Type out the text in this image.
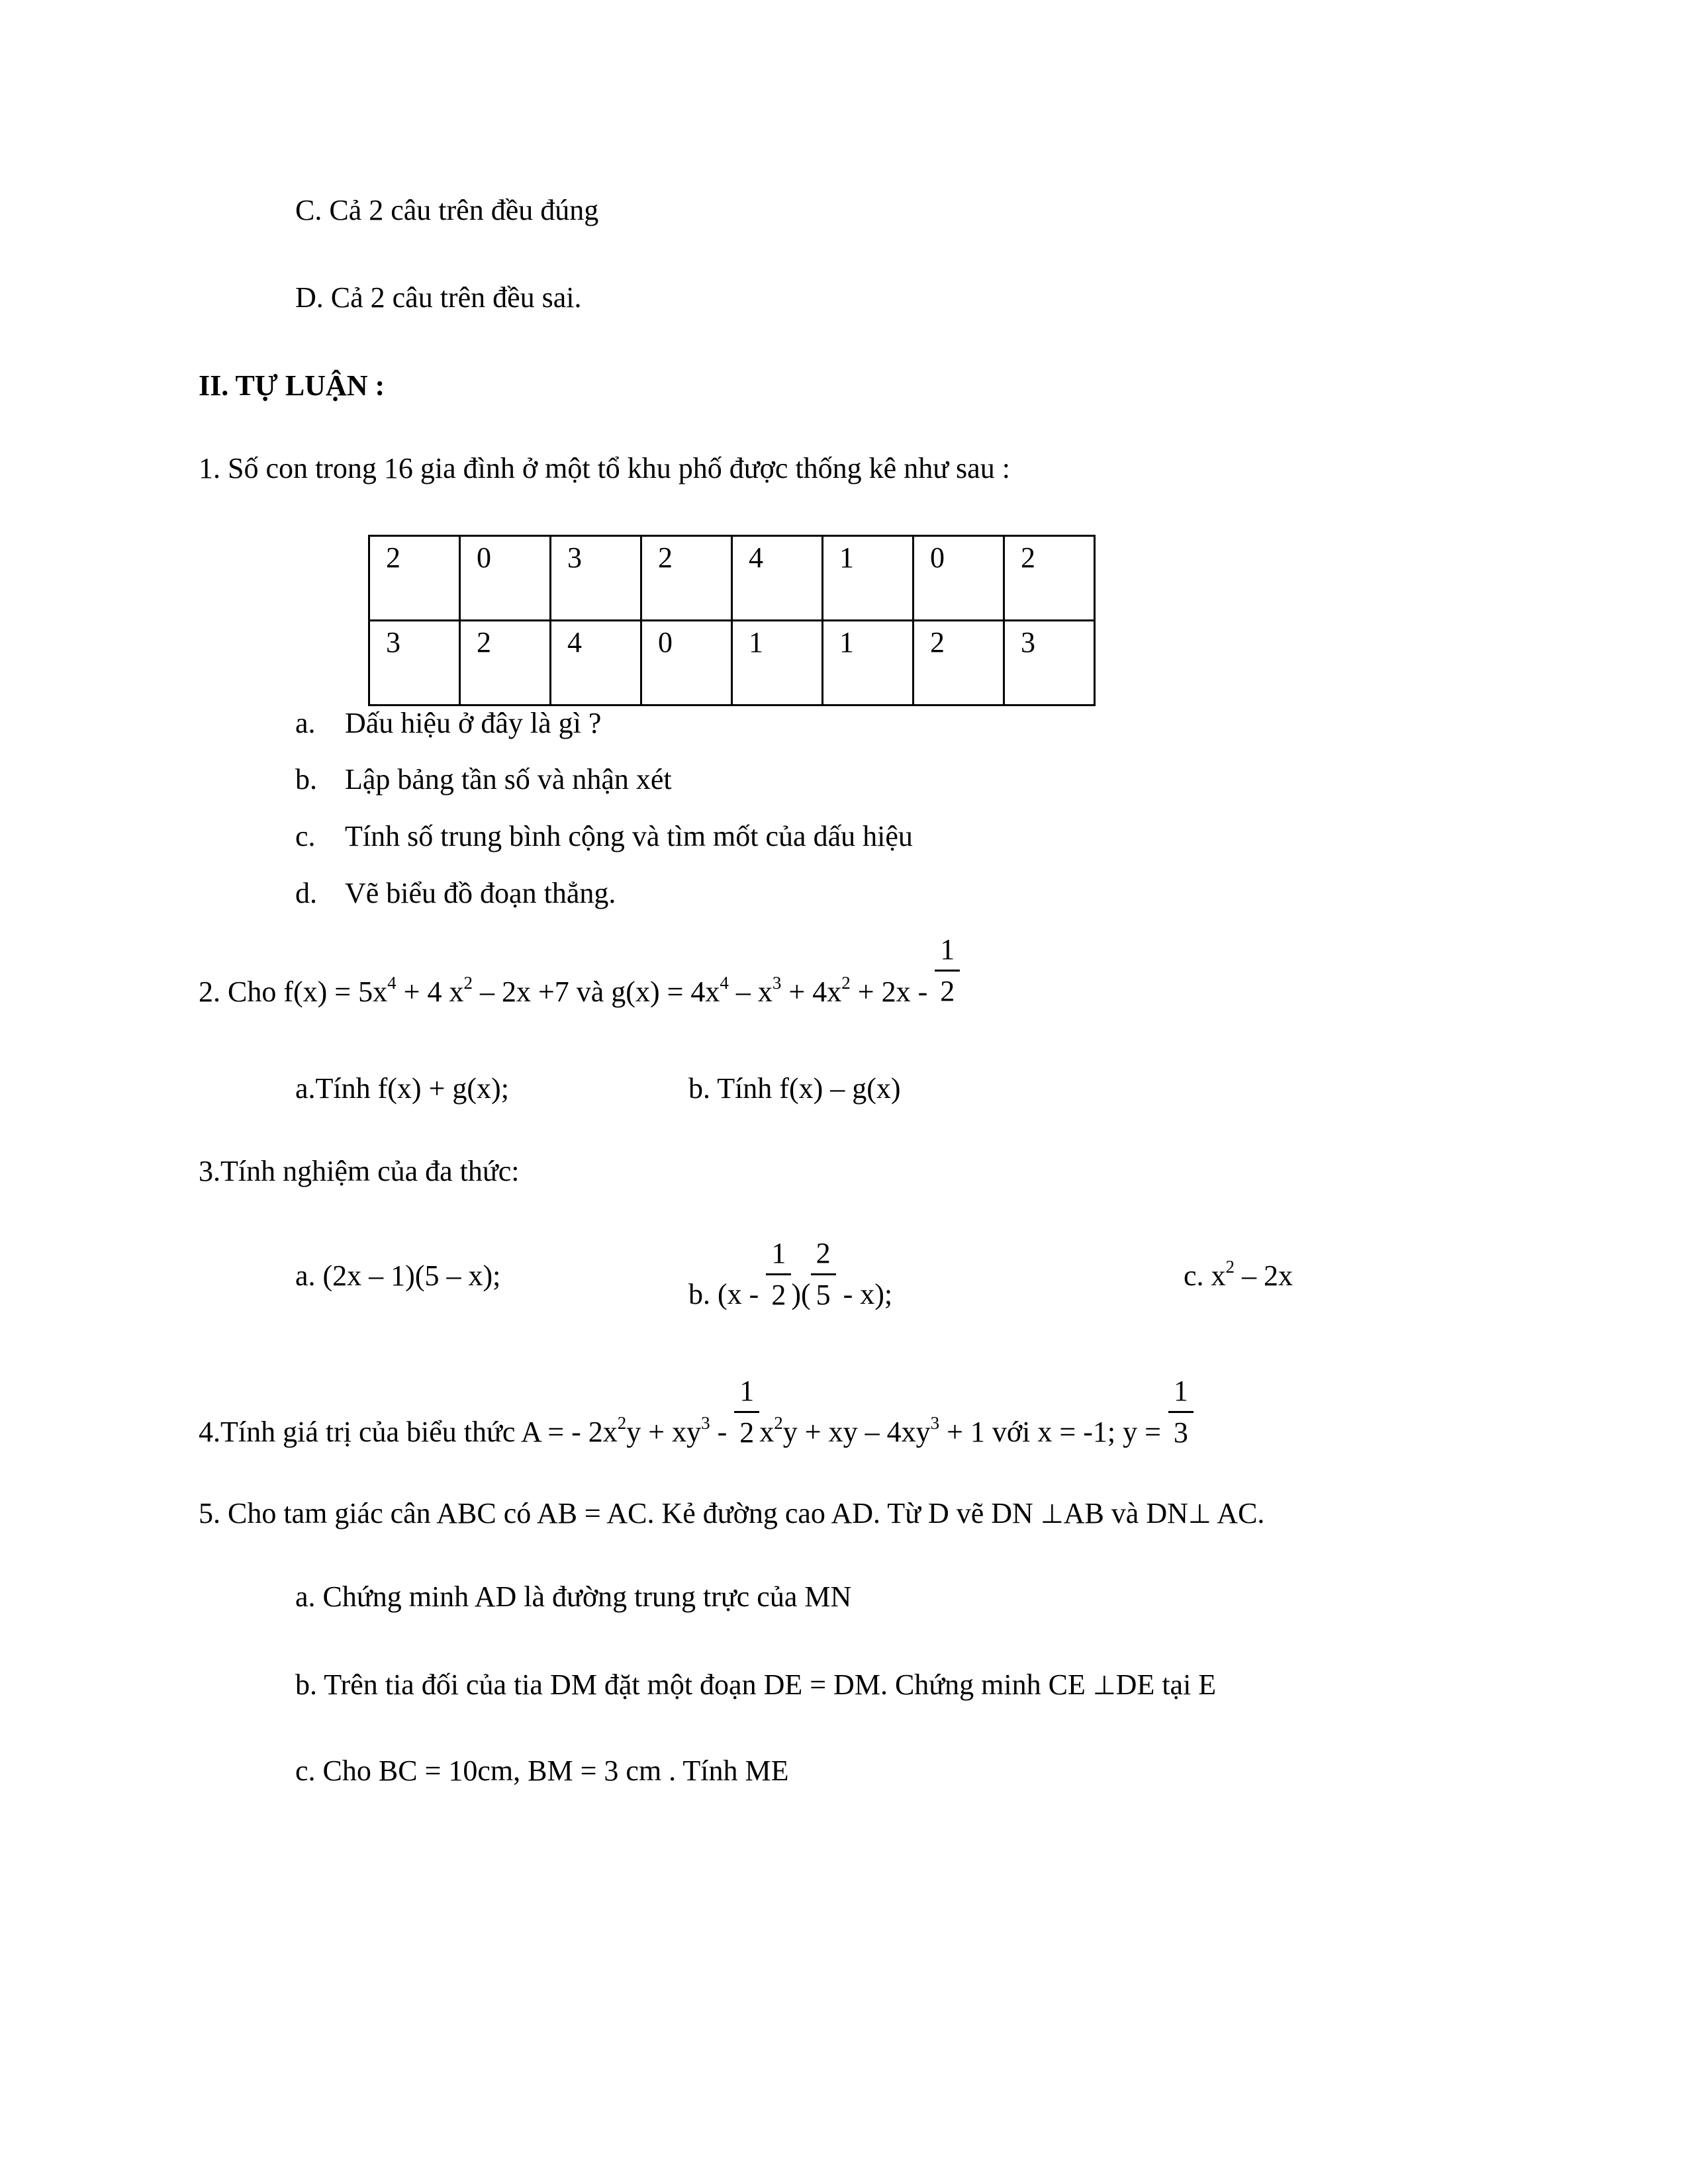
C. Cả 2 câu trên đều đúng
D. Cả 2 câu trên đều sai.
II. TỰ LUẬN :
1. Số con trong 16 gia đình ở một tổ khu phố được thống kê như sau :
2	0	3	2	4	1	0	2
3	2	4	0	1	1	2	3
a. Dấu hiệu ở đây là gì ?
b. Lập bảng tần số và nhận xét
c. Tính số trung bình cộng và tìm mốt của dấu hiệu
d. Vẽ biểu đồ đoạn thẳng.
2. Cho $f(x) = 5x^4 + 4$ $x^2 - 2x +7$ và $g(x) = 4x^4 - x^3 + 4x^2 + 2x - \frac{1}{2}$
a.Tính f(x) + g(x);	b. Tính f(x) – g(x)
3.Tính nghiệm của đa thức:
a. (2x – 1)(5 – x);
b. ($x - \frac{1}{2}$ )( $\frac{2}{5} - x$);
c. $x^2 - 2x$
4.Tính giá trị của biểu thức A = - $2x^2y + xy^3 - \frac{1}{2} x^2y$ + xy – $4xy^3 + 1$ với x = -1; $y = \frac{1}{3}$
5. Cho tam giác cân ABC có AB = AC. Kẻ đường cao AD. Từ D vẽ DN ⊥AB và DN⊥ AC.
a. Chứng minh AD là đường trung trực của MN
b. Trên tia đối của tia DM đặt một đoạn DE = DM. Chứng minh CE ⊥DE tại E
c. Cho BC = 10cm, BM = 3 cm . Tính ME
